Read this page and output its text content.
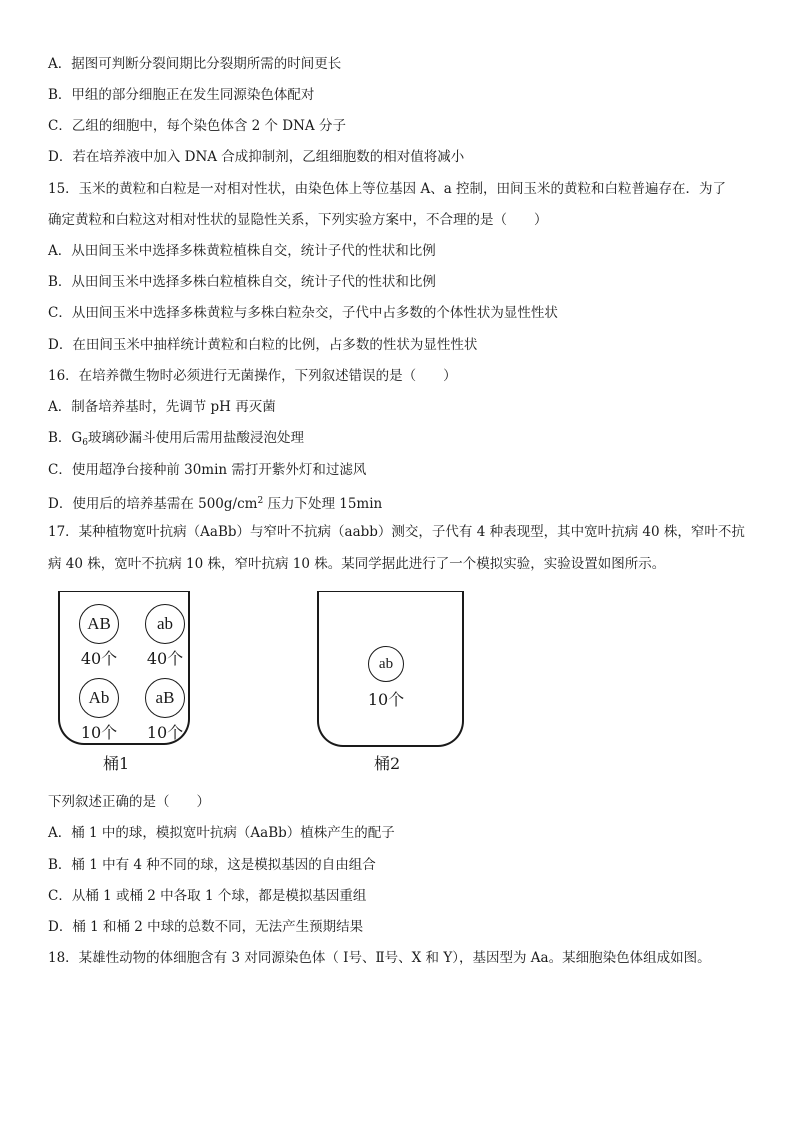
A．据图可判断分裂间期比分裂期所需的时间更长
B．甲组的部分细胞正在发生同源染色体配对
C．乙组的细胞中，每个染色体含 2 个 DNA 分子
D．若在培养液中加入 DNA 合成抑制剂，乙组细胞数的相对值将减小
15．玉米的黄粒和白粒是一对相对性状，由染色体上等位基因 A、a 控制，田间玉米的黄粒和白粒普遍存在．为了
确定黄粒和白粒这对相对性状的显隐性关系，下列实验方案中，不合理的是（　　）
A．从田间玉米中选择多株黄粒植株自交，统计子代的性状和比例
B．从田间玉米中选择多株白粒植株自交，统计子代的性状和比例
C．从田间玉米中选择多株黄粒与多株白粒杂交，子代中占多数的个体性状为显性性状
D．在田间玉米中抽样统计黄粒和白粒的比例，占多数的性状为显性性状
16．在培养微生物时必须进行无菌操作，下列叙述错误的是（　　）
A．制备培养基时，先调节 pH 再灭菌
B．$G_6$玻璃砂漏斗使用后需用盐酸浸泡处理
C．使用超净台接种前 30min 需打开紫外灯和过滤风
D．使用后的培养基需在 $500g/cm^2$ 压力下处理 15min
17．某种植物宽叶抗病（AaBb）与窄叶不抗病（aabb）测交，子代有 4 种表现型，其中宽叶抗病 40 株，窄叶不抗
病 40 株，宽叶不抗病 10 株，窄叶抗病 10 株。某同学据此进行了一个模拟实验，实验设置如图所示。
AB	ab
40个	40个
Ab	aB
10个	10个
桶1
ab
10个
桶2
下列叙述正确的是（　　）
A．桶 1 中的球，模拟宽叶抗病（AaBb）植株产生的配子
B．桶 1 中有 4 种不同的球，这是模拟基因的自由组合
C．从桶 1 或桶 2 中各取 1 个球，都是模拟基因重组
D．桶 1 和桶 2 中球的总数不同，无法产生预期结果
18．某雄性动物的体细胞含有 3 对同源染色体（ Ⅰ号、Ⅱ号、X 和 Y），基因型为 Aa。某细胞染色体组成如图。
